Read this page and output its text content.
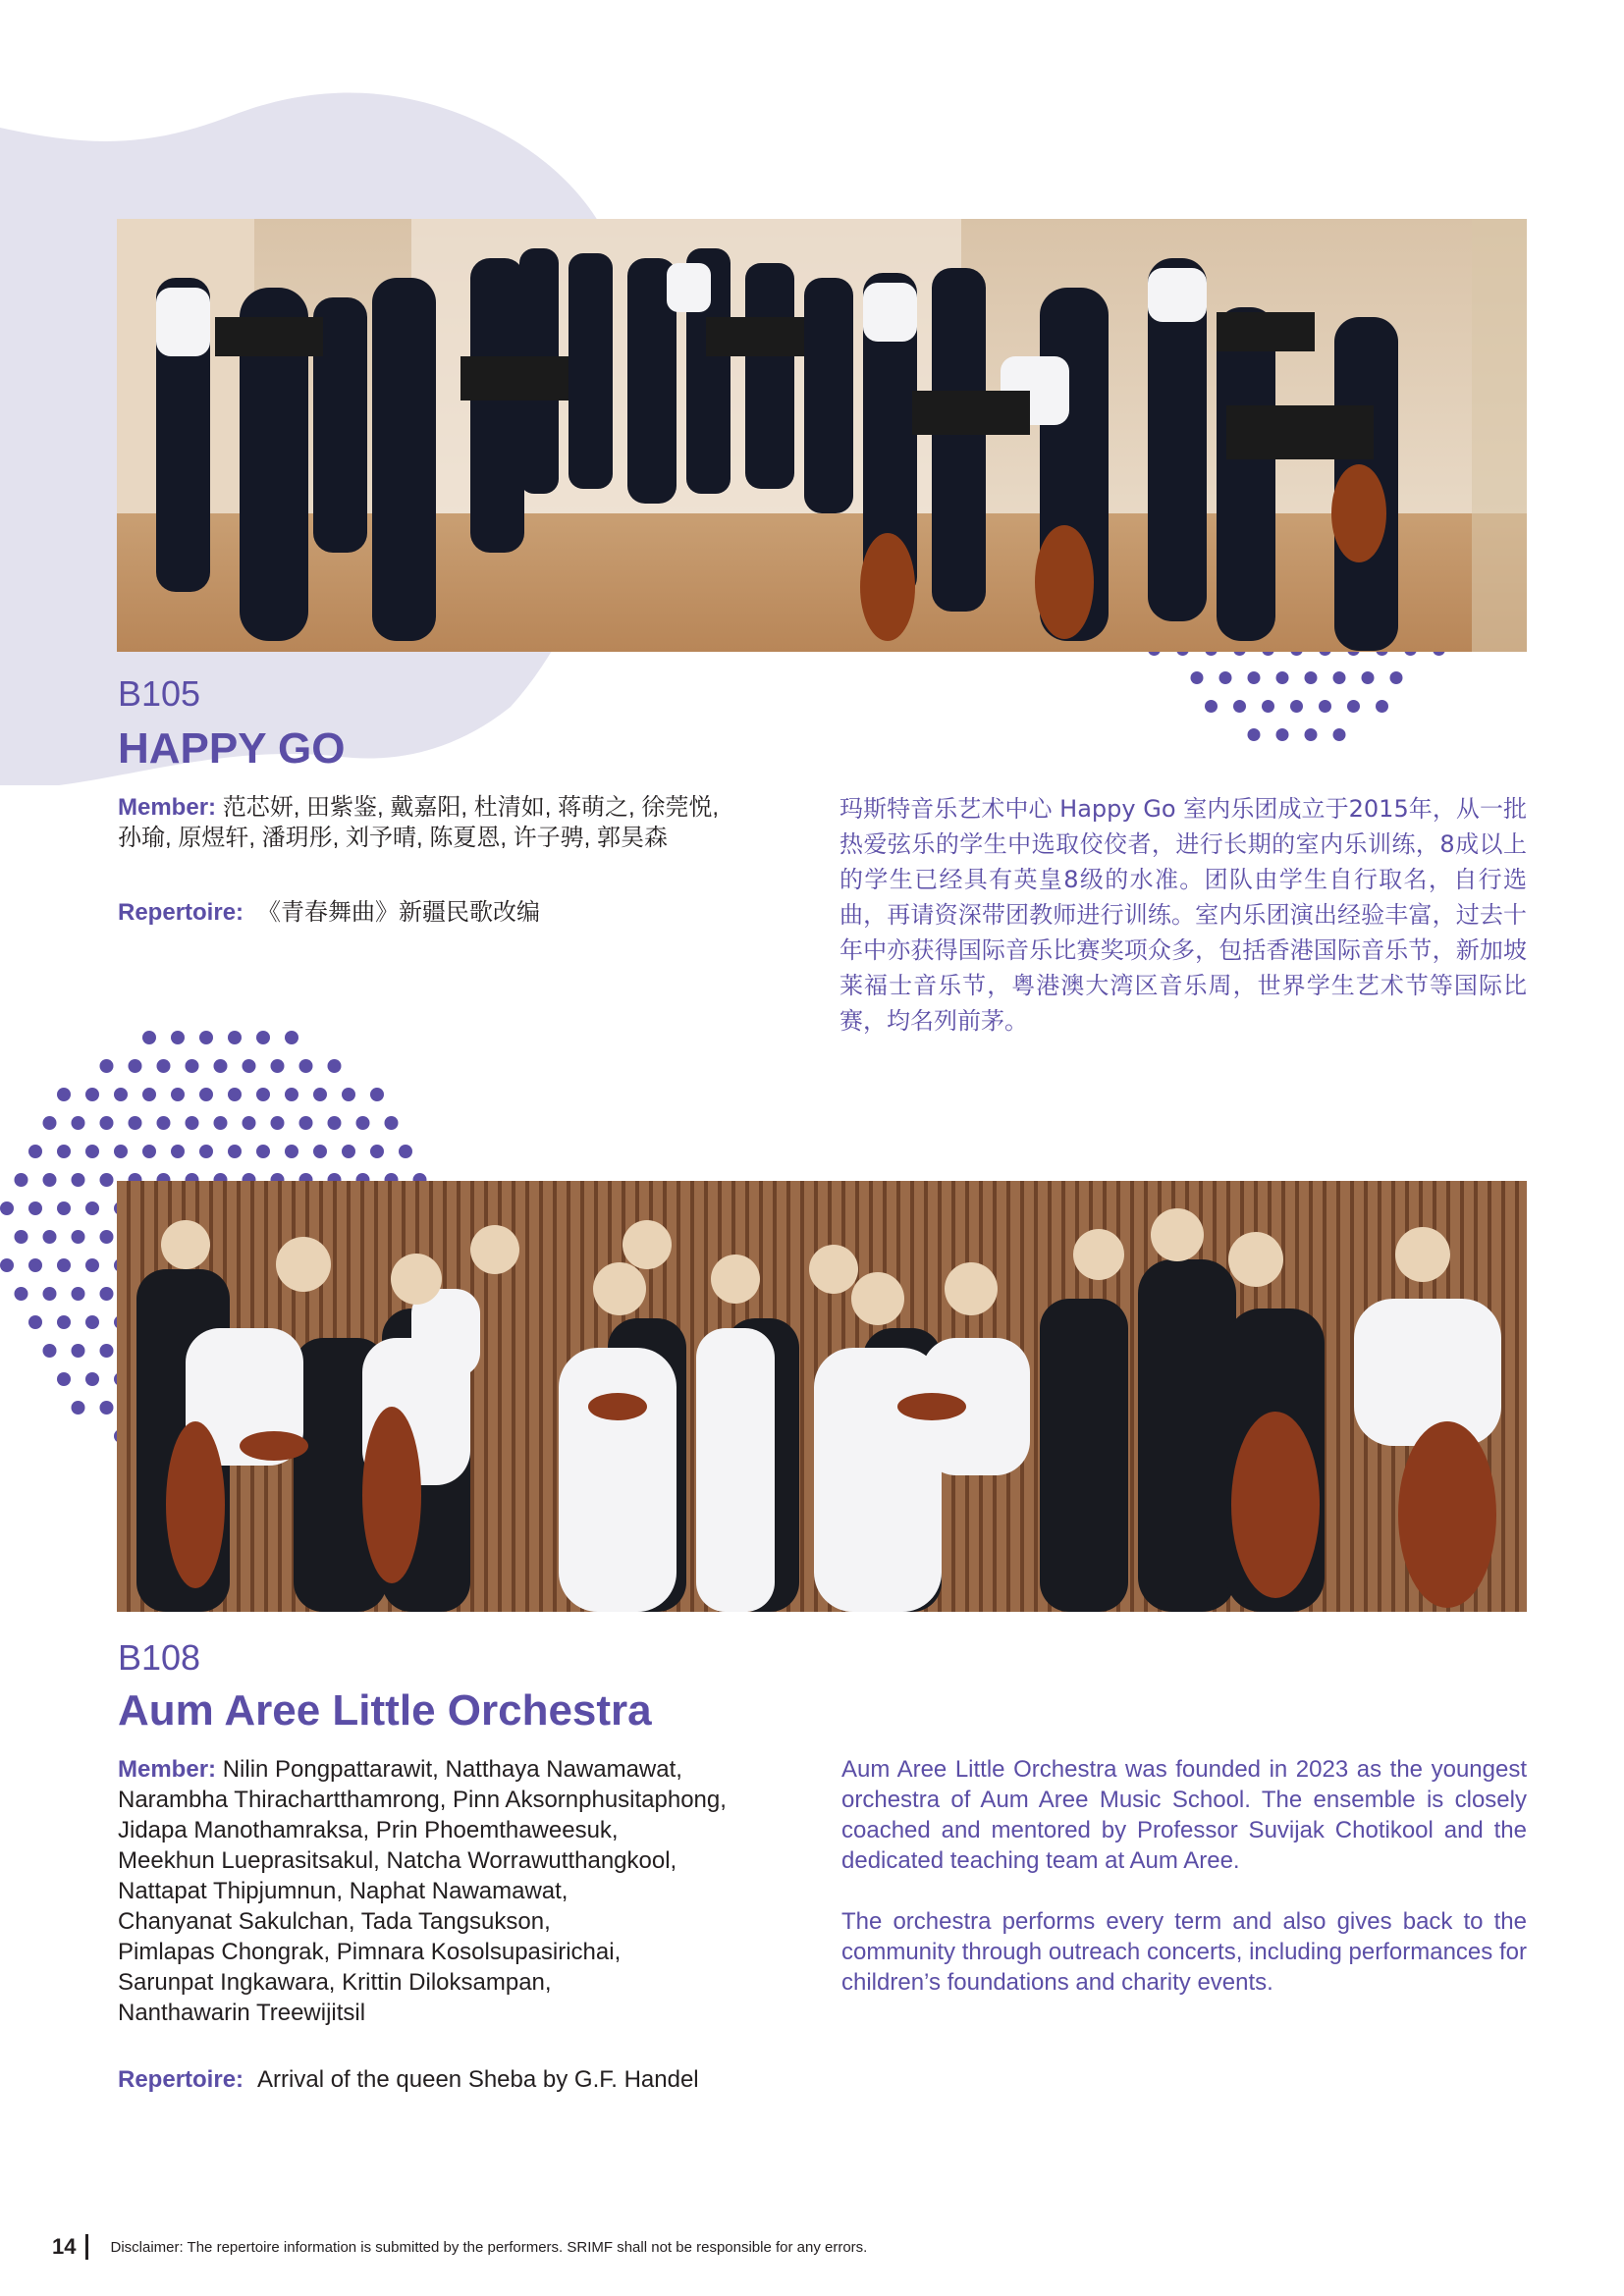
B105
HAPPY GO
Member: 范芯妍, 田紫鉴, 戴嘉阳, 杜清如, 蒋萌之, 徐莞悦,
孙瑜, 原煜轩, 潘玥彤, 刘予晴, 陈夏恩, 许子骋, 郭昊森
Repertoire: 《青春舞曲》新疆民歌改编
玛斯特音乐艺术中心 Happy Go 室内乐团成立于2015年，从一批热爱弦乐的学生中选取佼佼者，进行长期的室内乐训练，8成以上的学生已经具有英皇8级的水准。团队由学生自行取名，自行选曲，再请资深带团教师进行训练。室内乐团演出经验丰富，过去十年中亦获得国际音乐比赛奖项众多，包括香港国际音乐节，新加坡莱福士音乐节，粤港澳大湾区音乐周，世界学生艺术节等国际比赛，均名列前茅。
B108
Aum Aree Little Orchestra
Member: Nilin Pongpattarawit, Natthaya Nawamawat,
Narambha Thirachartthamrong, Pinn Aksornphusitaphong,
Jidapa Manothamraksa, Prin Phoemthaweesuk,
Meekhun Lueprasitsakul, Natcha Worrawutthangkool,
Nattapat Thipjumnun, Naphat Nawamawat,
Chanyanat Sakulchan, Tada Tangsukson,
Pimlapas Chongrak, Pimnara Kosolsupasirichai,
Sarunpat Ingkawara, Krittin Diloksampan,
Nanthawarin Treewijitsil
Repertoire: Arrival of the queen Sheba by G.F. Handel

Aum Aree Little Orchestra was founded in 2023 as the youngest orchestra of Aum Aree Music School. The ensemble is closely coached and mentored by Professor Suvijak Chotikool and the dedicated teaching team at Aum Aree.

The orchestra performs every term and also gives back to the community through outreach concerts, including performances for children’s foundations and charity events.

14 Disclaimer: The repertoire information is submitted by the performers. SRIMF shall not be responsible for any errors.
